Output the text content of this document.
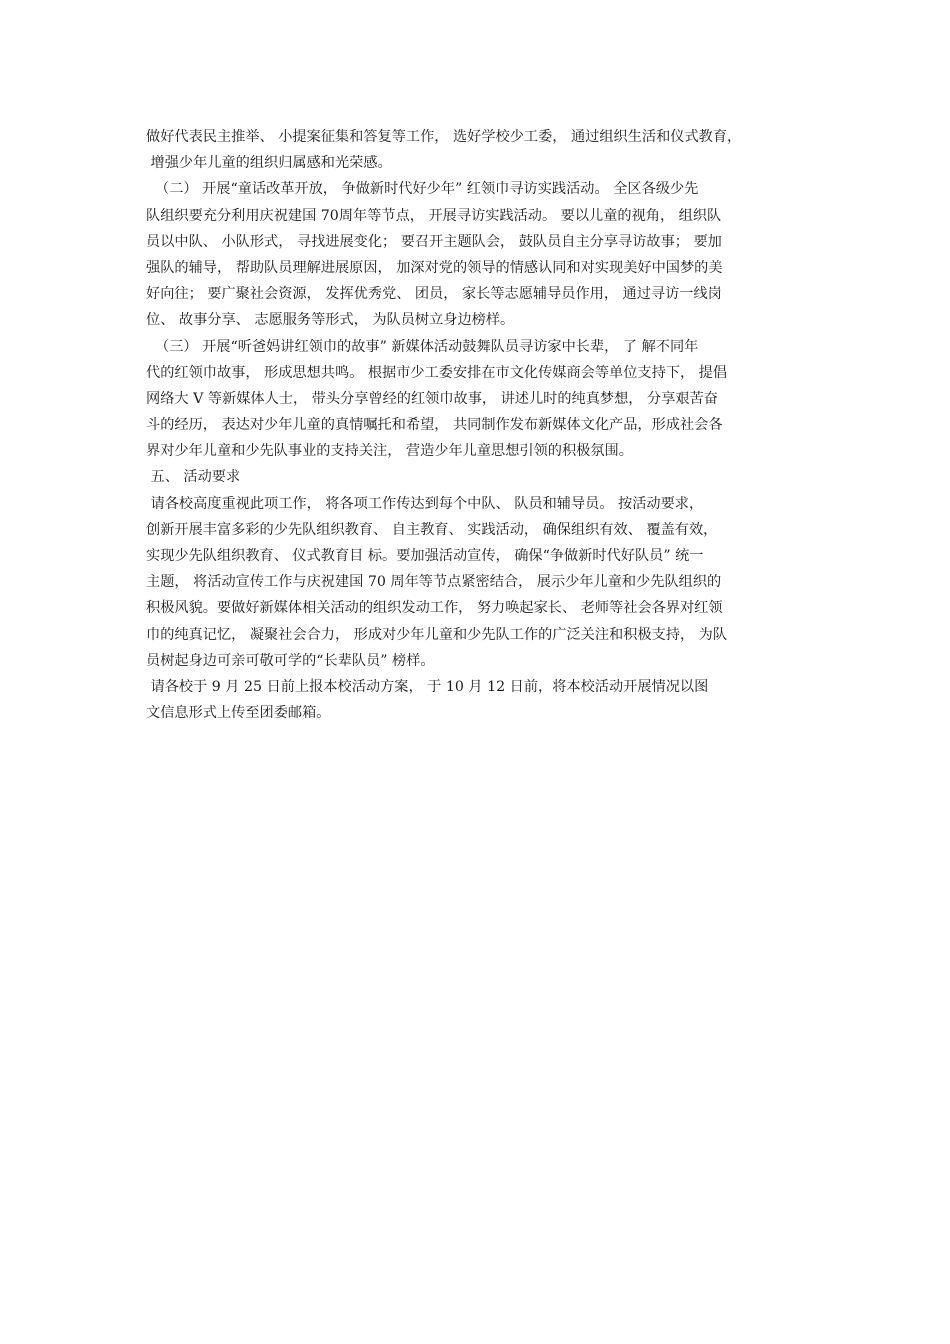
做好代表民主推举、 小提案征集和答复等工作， 选好学校少工委， 通过组织生活和仪式教育，
增强少年儿童的组织归属感和光荣感。
（二） 开展“童话改革开放， 争做新时代好少年” 红领巾寻访实践活动。 全区各级少先
队组织要充分利用庆祝建国 70周年等节点， 开展寻访实践活动。 要以儿童的视角， 组织队
员以中队、 小队形式， 寻找进展变化； 要召开主题队会， 鼓队员自主分享寻访故事； 要加
强队的辅导， 帮助队员理解进展原因， 加深对党的领导的情感认同和对实现美好中国梦的美
好向往； 要广聚社会资源， 发挥优秀党、 团员， 家长等志愿辅导员作用， 通过寻访一线岗
位、 故事分享、 志愿服务等形式， 为队员树立身边榜样。
（三） 开展“听爸妈讲红领巾的故事” 新媒体活动鼓舞队员寻访家中长辈， 了 解不同年
代的红领巾故事， 形成思想共鸣。 根据市少工委安排在市文化传媒商会等单位支持下， 提倡
网络大 V 等新媒体人士， 带头分享曾经的红领巾故事， 讲述儿时的纯真梦想， 分享艰苦奋
斗的经历， 表达对少年儿童的真情嘱托和希望， 共同制作发布新媒体文化产品，形成社会各
界对少年儿童和少先队事业的支持关注， 营造少年儿童思想引领的积极氛围。
五、 活动要求
请各校高度重视此项工作， 将各项工作传达到每个中队、 队员和辅导员。 按活动要求，
创新开展丰富多彩的少先队组织教育、 自主教育、 实践活动， 确保组织有效、 覆盖有效，
实现少先队组织教育、 仪式教育目 标。要加强活动宣传， 确保“争做新时代好队员” 统一
主题， 将活动宣传工作与庆祝建国 70 周年等节点紧密结合， 展示少年儿童和少先队组织的
积极风貌。要做好新媒体相关活动的组织发动工作， 努力唤起家长、 老师等社会各界对红领
巾的纯真记忆， 凝聚社会合力， 形成对少年儿童和少先队工作的广泛关注和积极支持， 为队
员树起身边可亲可敬可学的“长辈队员” 榜样。
请各校于 9 月 25 日前上报本校活动方案， 于 10 月 12 日前，将本校活动开展情况以图
文信息形式上传至团委邮箱。
